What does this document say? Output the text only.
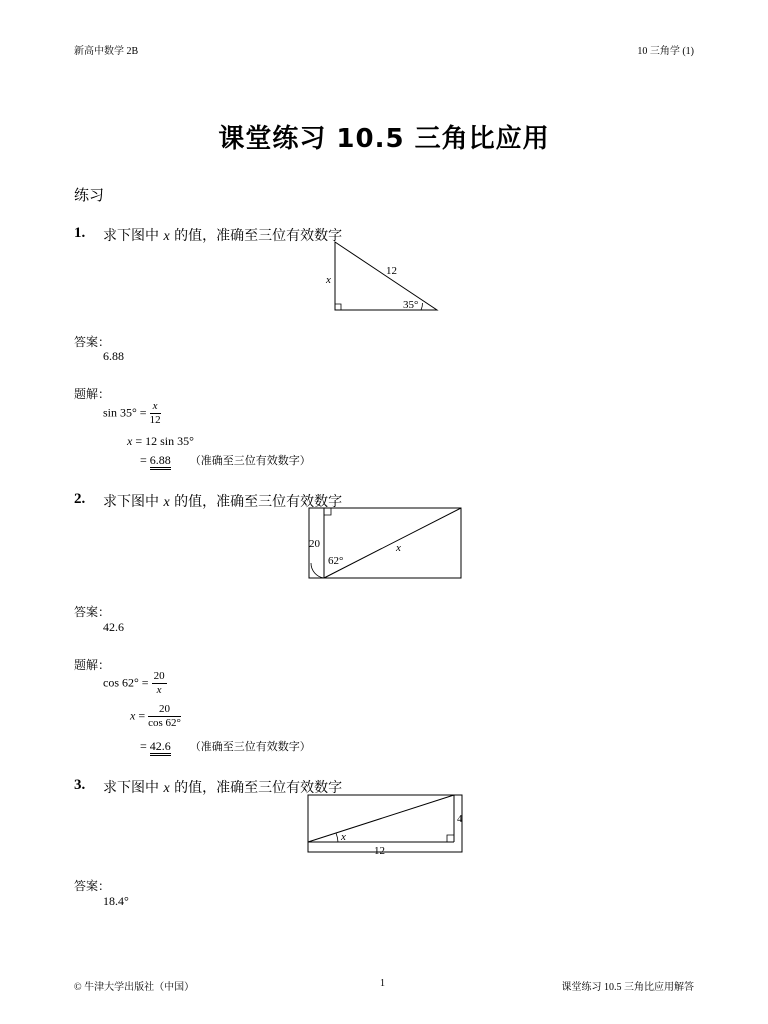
新高中数学 2B	10 三角学 (1)
课堂练习 10.5 三角比应用
练习
1. 求下图中 x 的值，准确至三位有效数字
12
35°
x
答案：
6.88
题解：
$\sin 35^\circ = \frac{x}{12}$
x = 12 sin 35°
= 6.88 （准确至三位有效数字）
2. 求下图中 x 的值，准确至三位有效数字
20
62°
x
答案：
42.6
题解：
$\cos 62^\circ = \frac{20}{x}$
$x = \frac{20}{\cos 62^\circ}$
= 42.6 （准确至三位有效数字）
3. 求下图中 x 的值，准确至三位有效数字
4
12
x
答案：
18.4°
© 牛津大学出版社（中国）	1	课堂练习 10.5 三角比应用解答
